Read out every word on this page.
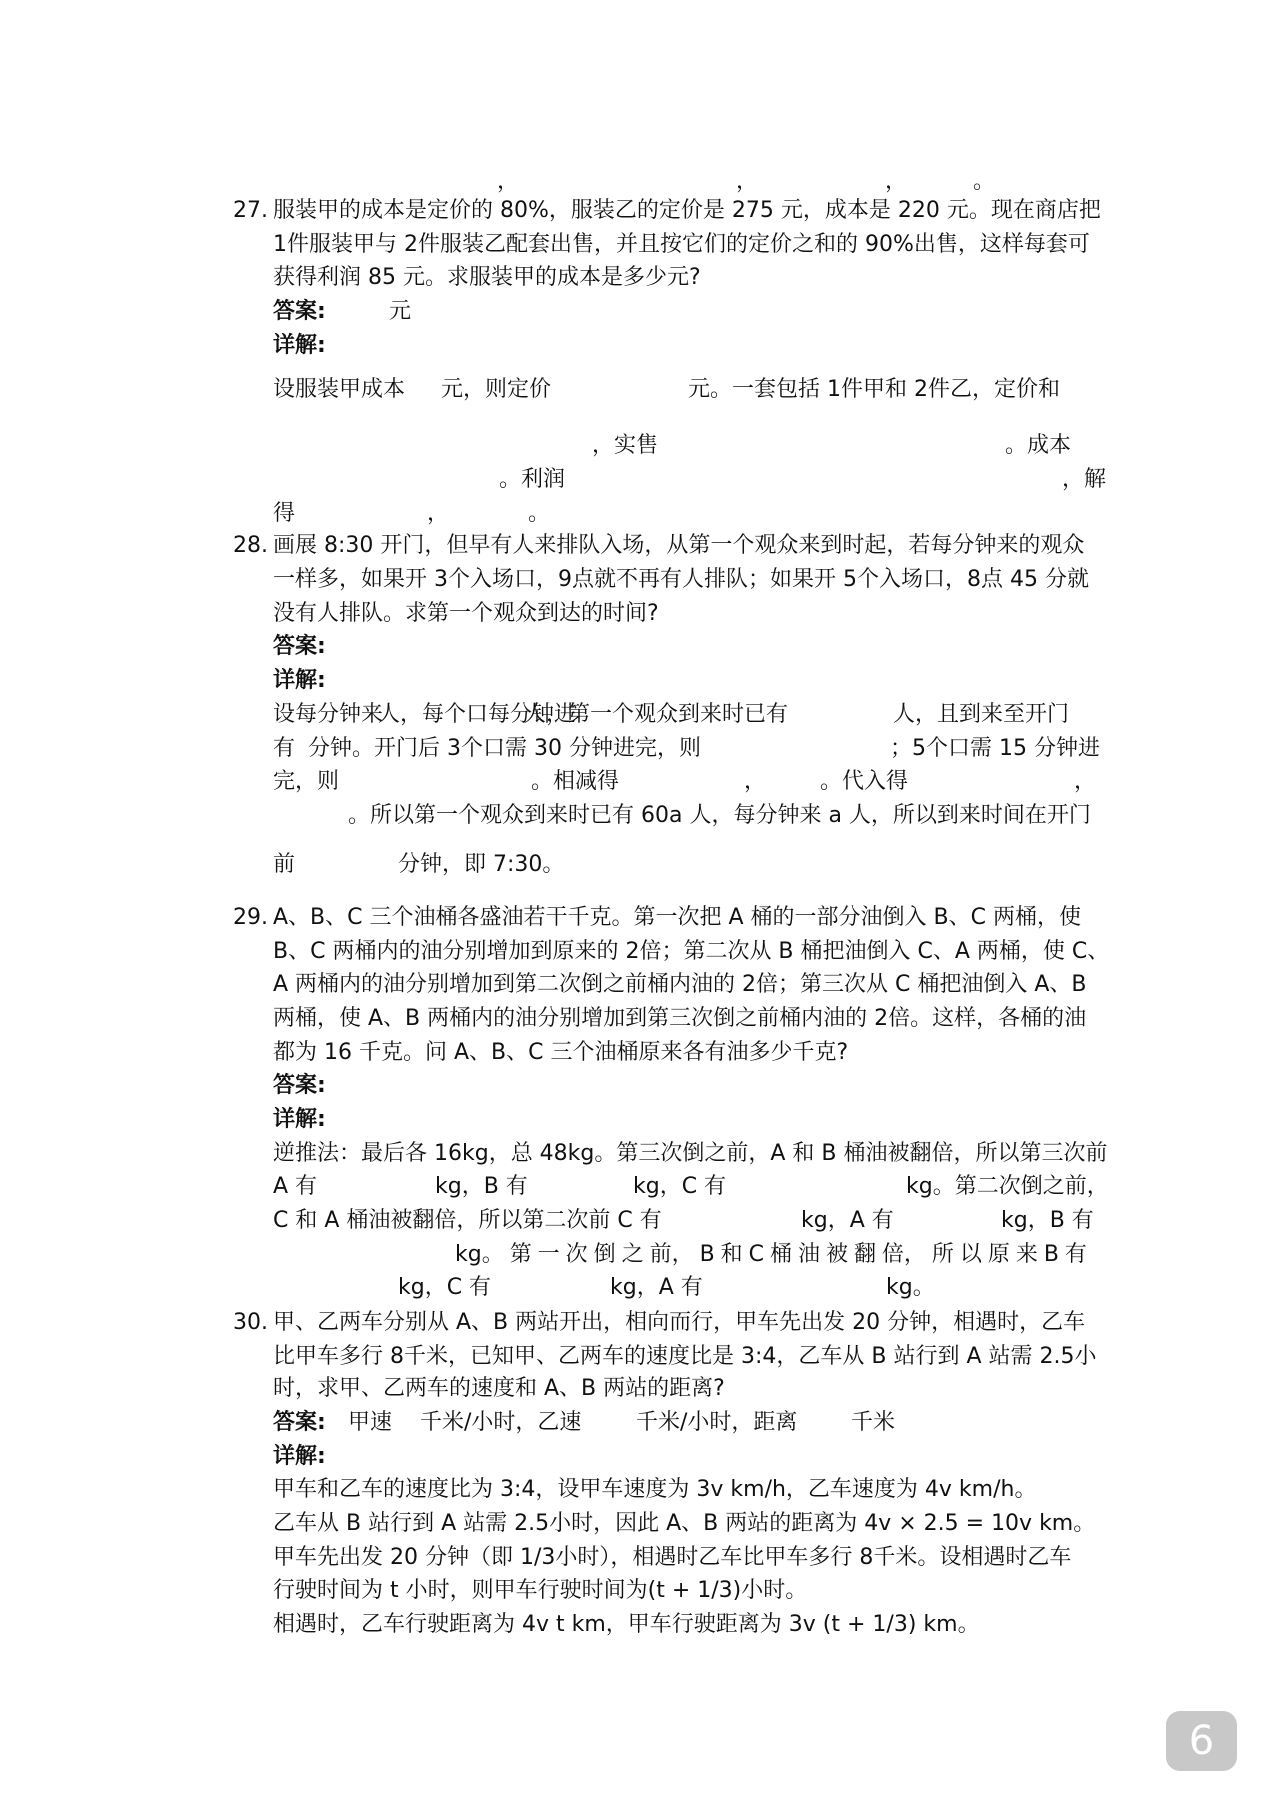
，	，	，	。
27. 服装甲的成本是定价的 80%，服装乙的定价是 275 元，成本是 220 元。现在商店把
1件服装甲与 2件服装乙配套出售，并且按它们的定价之和的 90%出售，这样每套可
获得利润 85 元。求服装甲的成本是多少元?
答案:	元
详解:
设服装甲成本 元，则定价	元。一套包括 1件甲和 2件乙，定价和
，实售	。成本
。利润	，解
得	，	。
28. 画展 8:30 开门，但早有人来排队入场，从第一个观众来到时起，若每分钟来的观众
一样多，如果开 3个入场口，9点就不再有人排队；如果开 5个入场口，8点 45 分就
没有人排队。求第一个观众到达的时间?
答案:
详解:
设每分钟来
人，每个口每分钟进
人，第一个观众到来时已有	人，且到来至开门
有 分钟。开门后 3个口需 30 分钟进完，则	；5个口需 15 分钟进
完，则	。相减得	， 。代入得	，
。所以第一个观众到来时已有 60a 人，每分钟来 a 人，所以到来时间在开门
前	分钟，即 7:30。
29. A、B、C 三个油桶各盛油若干千克。第一次把 A 桶的一部分油倒入 B、C 两桶，使
B、C 两桶内的油分别增加到原来的 2倍；第二次从 B 桶把油倒入 C、A 两桶，使 C、
A 两桶内的油分别增加到第二次倒之前桶内油的 2倍；第三次从 C 桶把油倒入 A、B
两桶，使 A、B 两桶内的油分别增加到第三次倒之前桶内油的 2倍。这样，各桶的油
都为 16 千克。问 A、B、C 三个油桶原来各有油多少千克?
答案:
详解:
逆推法：最后各 16kg，总 48kg。第三次倒之前，A 和 B 桶油被翻倍，所以第三次前
A 有	kg，B 有	kg，C 有	kg。第二次倒之前，
C 和 A 桶油被翻倍，所以第二次前 C 有	kg，A 有	kg，B 有
kg。 第 一 次 倒 之 前， B 和 C 桶 油 被 翻 倍， 所 以 原 来 B 有
kg，C 有	kg，A 有	kg。
30. 甲、乙两车分别从 A、B 两站开出，相向而行，甲车先出发 20 分钟，相遇时，乙车
比甲车多行 8千米，已知甲、乙两车的速度比是 3:4，乙车从 B 站行到 A 站需 2.5小
时，求甲、乙两车的速度和 A、B 两站的距离?
答案: 甲速 千米/小时，乙速 千米/小时，距离 千米
详解:
甲车和乙车的速度比为 3:4，设甲车速度为 3v km/h，乙车速度为 4v km/h。
乙车从 B 站行到 A 站需 2.5小时，因此 A、B 两站的距离为 4v × 2.5 = 10v km。
甲车先出发 20 分钟（即 1/3小时），相遇时乙车比甲车多行 8千米。设相遇时乙车
行驶时间为 t 小时，则甲车行驶时间为(t + 1/3)小时。
相遇时，乙车行驶距离为 4v t km，甲车行驶距离为 3v (t + 1/3) km。
6
